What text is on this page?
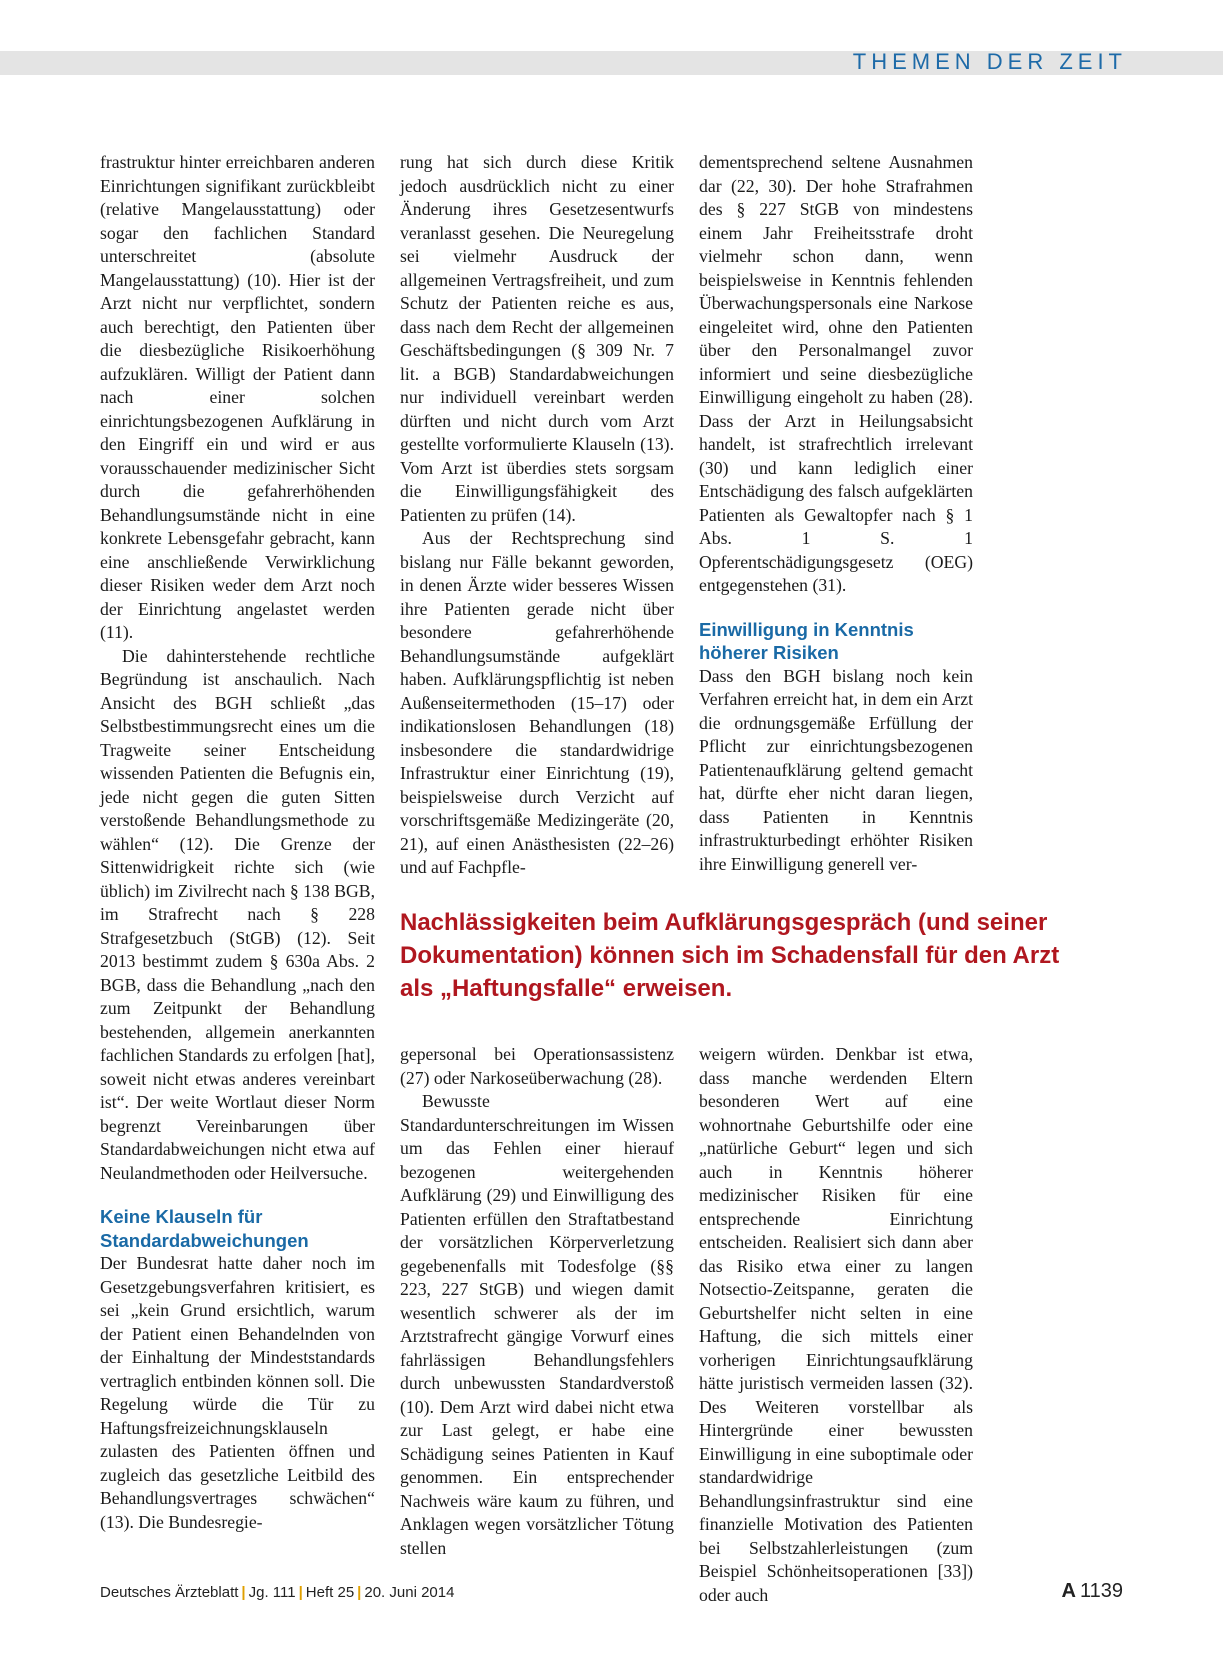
THEMEN DER ZEIT

frastruktur hinter erreichbaren anderen Einrichtungen signifikant zurückbleibt (relative Mangelausstattung) oder sogar den fachlichen Standard unterschreitet (absolute Mangelausstattung) (10). Hier ist der Arzt nicht nur verpflichtet, sondern auch berechtigt, den Patienten über die diesbezügliche Risikoerhöhung aufzuklären. Willigt der Patient dann nach einer solchen einrichtungsbezogenen Aufklärung in den Eingriff ein und wird er aus vorausschauender medizinischer Sicht durch die gefahrerhöhenden Behandlungsumstände nicht in eine konkrete Lebensgefahr gebracht, kann eine anschließende Verwirklichung dieser Risiken weder dem Arzt noch der Einrichtung angelastet werden (11).

Die dahinterstehende rechtliche Begründung ist anschaulich. Nach Ansicht des BGH schließt „das Selbstbestimmungsrecht eines um die Tragweite seiner Entscheidung wissenden Patienten die Befugnis ein, jede nicht gegen die guten Sitten verstoßende Behandlungsmethode zu wählen“ (12). Die Grenze der Sittenwidrigkeit richte sich (wie üblich) im Zivilrecht nach § 138 BGB, im Strafrecht nach § 228 Strafgesetzbuch (StGB) (12). Seit 2013 bestimmt zudem § 630a Abs. 2 BGB, dass die Behandlung „nach den zum Zeitpunkt der Behandlung bestehenden, allgemein anerkannten fachlichen Standards zu erfolgen [hat], soweit nicht etwas anderes vereinbart ist“. Der weite Wortlaut dieser Norm begrenzt Vereinbarungen über Standardabweichungen nicht etwa auf Neulandmethoden oder Heilversuche.

Keine Klauseln für Standardabweichungen

Der Bundesrat hatte daher noch im Gesetzgebungsverfahren kritisiert, es sei „kein Grund ersichtlich, warum der Patient einen Behandelnden von der Einhaltung der Mindeststandards vertraglich entbinden können soll. Die Regelung würde die Tür zu Haftungsfreizeichnungsklauseln zulasten des Patienten öffnen und zugleich das gesetzliche Leitbild des Behandlungsvertrages schwächen“ (13). Die Bundesregie-

rung hat sich durch diese Kritik jedoch ausdrücklich nicht zu einer Änderung ihres Gesetzesentwurfs veranlasst gesehen. Die Neuregelung sei vielmehr Ausdruck der allgemeinen Vertragsfreiheit, und zum Schutz der Patienten reiche es aus, dass nach dem Recht der allgemeinen Geschäftsbedingungen (§ 309 Nr. 7 lit. a BGB) Standardabweichungen nur individuell vereinbart werden dürften und nicht durch vom Arzt gestellte vorformulierte Klauseln (13). Vom Arzt ist überdies stets sorgsam die Einwilligungsfähigkeit des Patienten zu prüfen (14).

Aus der Rechtsprechung sind bislang nur Fälle bekannt geworden, in denen Ärzte wider besseres Wissen ihre Patienten gerade nicht über besondere gefahrerhöhende Behandlungsumstände aufgeklärt haben. Aufklärungspflichtig ist neben Außenseitermethoden (15–17) oder indikationslosen Behandlungen (18) insbesondere die standardwidrige Infrastruktur einer Einrichtung (19), beispielsweise durch Verzicht auf vorschriftsgemäße Medizingeräte (20, 21), auf einen Anästhesisten (22–26) und auf Fachpfle-

dementsprechend seltene Ausnahmen dar (22, 30). Der hohe Strafrahmen des § 227 StGB von mindestens einem Jahr Freiheitsstrafe droht vielmehr schon dann, wenn beispielsweise in Kenntnis fehlenden Überwachungspersonals eine Narkose eingeleitet wird, ohne den Patienten über den Personalmangel zuvor informiert und seine diesbezügliche Einwilligung eingeholt zu haben (28). Dass der Arzt in Heilungsabsicht handelt, ist strafrechtlich irrelevant (30) und kann lediglich einer Entschädigung des falsch aufgeklärten Patienten als Gewaltopfer nach § 1 Abs. 1 S. 1 Opferentschädigungsgesetz (OEG) entgegenstehen (31).

Einwilligung in Kenntnis höherer Risiken

Dass den BGH bislang noch kein Verfahren erreicht hat, in dem ein Arzt die ordnungsgemäße Erfüllung der Pflicht zur einrichtungsbezogenen Patientenaufklärung geltend gemacht hat, dürfte eher nicht daran liegen, dass Patienten in Kenntnis infrastrukturbedingt erhöhter Risiken ihre Einwilligung generell ver-

Nachlässigkeiten beim Aufklärungsgespräch (und seiner Dokumentation) können sich im Schadensfall für den Arzt als „Haftungsfalle“ erweisen.

gepersonal bei Operationsassistenz (27) oder Narkoseüberwachung (28).

Bewusste Standardunterschreitungen im Wissen um das Fehlen einer hierauf bezogenen weitergehenden Aufklärung (29) und Einwilligung des Patienten erfüllen den Straftatbestand der vorsätzlichen Körperverletzung gegebenenfalls mit Todesfolge (§§ 223, 227 StGB) und wiegen damit wesentlich schwerer als der im Arztstrafrecht gängige Vorwurf eines fahrlässigen Behandlungsfehlers durch unbewussten Standardverstoß (10). Dem Arzt wird dabei nicht etwa zur Last gelegt, er habe eine Schädigung seines Patienten in Kauf genommen. Ein entsprechender Nachweis wäre kaum zu führen, und Anklagen wegen vorsätzlicher Tötung stellen

weigern würden. Denkbar ist etwa, dass manche werdenden Eltern besonderen Wert auf eine wohnortnahe Geburtshilfe oder eine „natürliche Geburt“ legen und sich auch in Kenntnis höherer medizinischer Risiken für eine entsprechende Einrichtung entscheiden. Realisiert sich dann aber das Risiko etwa einer zu langen Notsectio-Zeitspanne, geraten die Geburtshelfer nicht selten in eine Haftung, die sich mittels einer vorherigen Einrichtungsaufklärung hätte juristisch vermeiden lassen (32). Des Weiteren vorstellbar als Hintergründe einer bewussten Einwilligung in eine suboptimale oder standardwidrige Behandlungsinfrastruktur sind eine finanzielle Motivation des Patienten bei Selbstzahlerleistungen (zum Beispiel Schönheitsoperationen [33]) oder auch

Deutsches Ärzteblatt | Jg. 111 | Heft 25 | 20. Juni 2014	A  1139
